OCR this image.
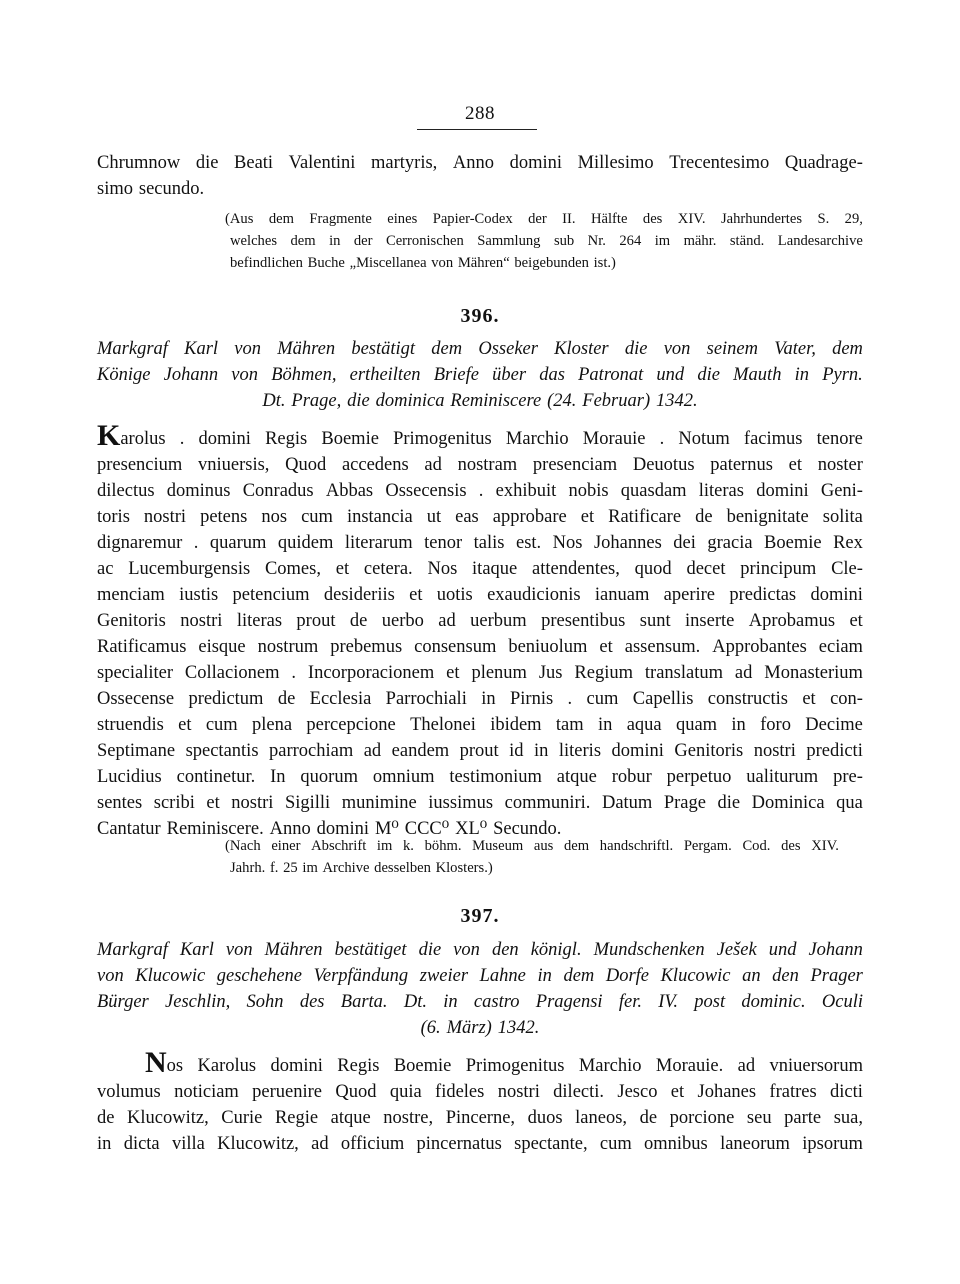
288
Chrumnow die Beati Valentini martyris, Anno domini Millesimo Trecentesimo Quadrage-
simo secundo.
(Aus dem Fragmente eines Papier-Codex der II. Hälfte des XIV. Jahrhundertes S. 29,
welches dem in der Cerronischen Sammlung sub Nr. 264 im mähr. ständ. Landesarchive
befindlichen Buche „Miscellanea von Mähren“ beigebunden ist.)
396.
Markgraf Karl von Mähren bestätigt dem Osseker Kloster die von seinem Vater, dem
Könige Johann von Böhmen, ertheilten Briefe über das Patronat und die Mauth in Pyrn.
Dt. Prage, die dominica Reminiscere (24. Februar) 1342.
K arolus . domini Regis Boemie Primogenitus Marchio Morauie . Notum facimus tenore
presencium vniuersis, Quod accedens ad nostram presenciam Deuotus paternus et noster
dilectus dominus Conradus Abbas Ossecensis . exhibuit nobis quasdam literas domini Geni-
toris nostri petens nos cum instancia ut eas approbare et Ratificare de benignitate solita
dignaremur . quarum quidem literarum tenor talis est. Nos Johannes dei gracia Boemie Rex
ac Lucemburgensis Comes, et cetera. Nos itaque attendentes, quod decet principum Cle-
menciam iustis petencium desideriis et uotis exaudicionis ianuam aperire predictas domini
Genitoris nostri literas prout de uerbo ad uerbum presentibus sunt inserte Aprobamus et
Ratificamus eisque nostrum prebemus consensum beniuolum et assensum. Approbantes eciam
specialiter Collacionem . Incorporacionem et plenum Jus Regium translatum ad Monasterium
Ossecense predictum de Ecclesia Parrochiali in Pirnis . cum Capellis constructis et con-
struendis et cum plena percepcione Thelonei ibidem tam in aqua quam in foro Decime
Septimane spectantis parrochiam ad eandem prout id in literis domini Genitoris nostri predicti
Lucidius continetur. In quorum omnium testimonium atque robur perpetuo ualiturum pre-
sentes scribi et nostri Sigilli munimine iussimus communiri. Datum Prage die Dominica qua
Cantatur Reminiscere. Anno domini M⁰ CCC⁰ XL⁰ Secundo.
(Nach einer Abschrift im k. böhm. Museum aus dem handschriftl. Pergam. Cod. des XIV.
Jahrh. f. 25 im Archive desselben Klosters.)
397.
Markgraf Karl von Mähren bestätiget die von den königl. Mundschenken Ješek und Johann
von Klucowic geschehene Verpfändung zweier Lahne in dem Dorfe Klucowic an den Prager
Bürger Jeschlin, Sohn des Barta. Dt. in castro Pragensi fer. IV. post dominic. Oculi
(6. März) 1342.
N os Karolus domini Regis Boemie Primogenitus Marchio Morauie. ad vniuersorum
volumus noticiam peruenire Quod quia fideles nostri dilecti. Jesco et Johanes fratres dicti
de Klucowitz, Curie Regie atque nostre, Pincerne, duos laneos, de porcione seu parte sua,
in dicta villa Klucowitz, ad officium pincernatus spectante, cum omnibus laneorum ipsorum
